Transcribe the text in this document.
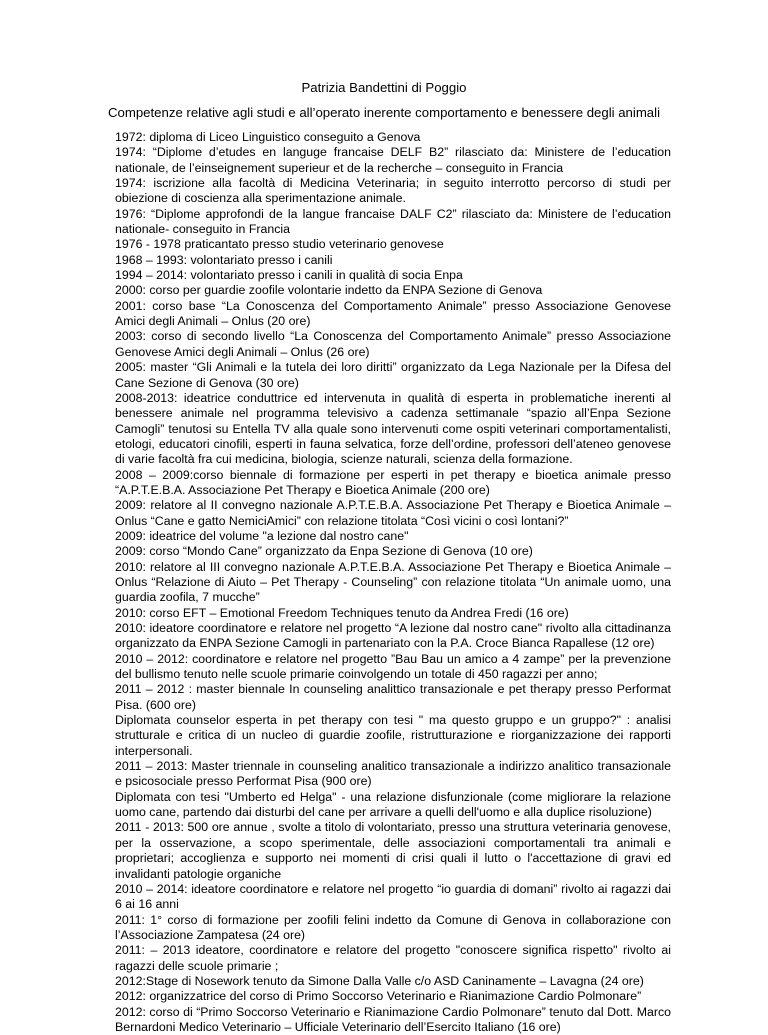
Patrizia Bandettini di Poggio
Competenze relative agli studi e all’operato inerente comportamento e benessere degli animali

1972: diploma di Liceo Linguistico conseguito a Genova

1974: “Diplome d’etudes en languge francaise DELF B2” rilasciato da: Ministere de l’education nationale, de l’einseignement superieur et de la recherche – conseguito in Francia

1974: iscrizione alla facoltà di Medicina Veterinaria; in seguito interrotto percorso di studi per obiezione di coscienza alla sperimentazione animale.

1976: “Diplome approfondi de la langue francaise DALF C2” rilasciato da: Ministere de l’education nationale- conseguito in Francia

1976 - 1978 praticantato presso studio veterinario genovese

1968 – 1993: volontariato presso i canili

1994 – 2014: volontariato presso i canili in qualità di socia Enpa

2000: corso per guardie zoofile volontarie indetto da ENPA Sezione di Genova

2001: corso base “La Conoscenza del Comportamento Animale” presso Associazione Genovese Amici degli Animali – Onlus (20 ore)

2003: corso di secondo livello “La Conoscenza del Comportamento Animale” presso Associazione Genovese Amici degli Animali – Onlus (26 ore)

2005: master “Gli Animali e la tutela dei loro diritti” organizzato da Lega Nazionale per la Difesa del Cane Sezione di Genova (30 ore)

2008-2013: ideatrice conduttrice ed intervenuta in qualità di esperta in problematiche inerenti al benessere animale nel programma televisivo a cadenza settimanale “spazio all’Enpa Sezione Camogli” tenutosi su Entella TV alla quale sono intervenuti come ospiti veterinari comportamentalisti, etologi, educatori cinofili, esperti in fauna selvatica, forze dell’ordine, professori dell’ateneo genovese di varie facoltà fra cui medicina, biologia, scienze naturali, scienza della formazione.

2008 – 2009:corso biennale di formazione per esperti in pet therapy e bioetica animale presso “A.P.T.E.B.A. Associazione Pet Therapy e Bioetica Animale (200 ore)

2009: relatore al II convegno nazionale A.P.T.E.B.A. Associazione Pet Therapy e Bioetica Animale – Onlus “Cane e gatto NemiciAmici” con relazione titolata “Così vicini o così lontani?”

2009: ideatrice del volume "a lezione dal nostro cane"

2009: corso “Mondo Cane” organizzato da Enpa Sezione di Genova (10 ore)

2010: relatore al III convegno nazionale A.P.T.E.B.A. Associazione Pet Therapy e Bioetica Animale – Onlus “Relazione di Aiuto – Pet Therapy - Counseling” con relazione titolata “Un animale uomo, una guardia zoofila, 7 mucche”

2010: corso EFT – Emotional Freedom Techniques tenuto da Andrea Fredi (16 ore)

2010: ideatore coordinatore e relatore nel progetto “A lezione dal nostro cane" rivolto alla cittadinanza organizzato da ENPA Sezione Camogli in partenariato con la P.A. Croce Bianca Rapallese (12 ore)

2010 – 2012: coordinatore e relatore nel progetto ”Bau Bau un amico a 4 zampe” per la prevenzione del bullismo tenuto nelle scuole primarie coinvolgendo un totale di 450 ragazzi per anno;

2011 – 2012 : master biennale In counseling analittico transazionale e pet therapy presso Performat Pisa. (600 ore)

Diplomata counselor esperta in pet therapy con tesi " ma questo gruppo e un gruppo?" : analisi strutturale e critica di un nucleo di guardie zoofile, ristrutturazione e riorganizzazione dei rapporti interpersonali.

2011 – 2013: Master triennale in counseling analitico transazionale a indirizzo analitico transazionale e psicosociale presso Performat Pisa (900 ore)

Diplomata con tesi "Umberto ed Helga" - una relazione disfunzionale (come migliorare la relazione uomo cane, partendo dai disturbi del cane per arrivare a quelli dell'uomo e alla duplice risoluzione)

2011 - 2013: 500 ore annue , svolte a titolo di volontariato, presso una struttura veterinaria genovese, per la osservazione, a scopo sperimentale, delle associazioni comportamentali tra animali e proprietari; accoglienza e supporto nei momenti di crisi quali il lutto o l'accettazione di gravi ed invalidanti patologie organiche

2010 – 2014: ideatore coordinatore e relatore nel progetto “io guardia di domani” rivolto ai ragazzi dai 6 ai 16 anni

2011: 1° corso di formazione per zoofili felini indetto da Comune di Genova in collaborazione con l’Associazione Zampatesa (24 ore)

2011: – 2013 ideatore, coordinatore e relatore del progetto "conoscere significa rispetto" rivolto ai ragazzi delle scuole primarie ;

2012:Stage di Nosework tenuto da Simone Dalla Valle c/o ASD Caninamente – Lavagna (24 ore)

2012: organizzatrice del corso di Primo Soccorso Veterinario e Rianimazione Cardio Polmonare”

2012: corso di “Primo Soccorso Veterinario e Rianimazione Cardio Polmonare” tenuto dal Dott. Marco Bernardoni Medico Veterinario – Ufficiale Veterinario dell’Esercito Italiano (16 ore)
